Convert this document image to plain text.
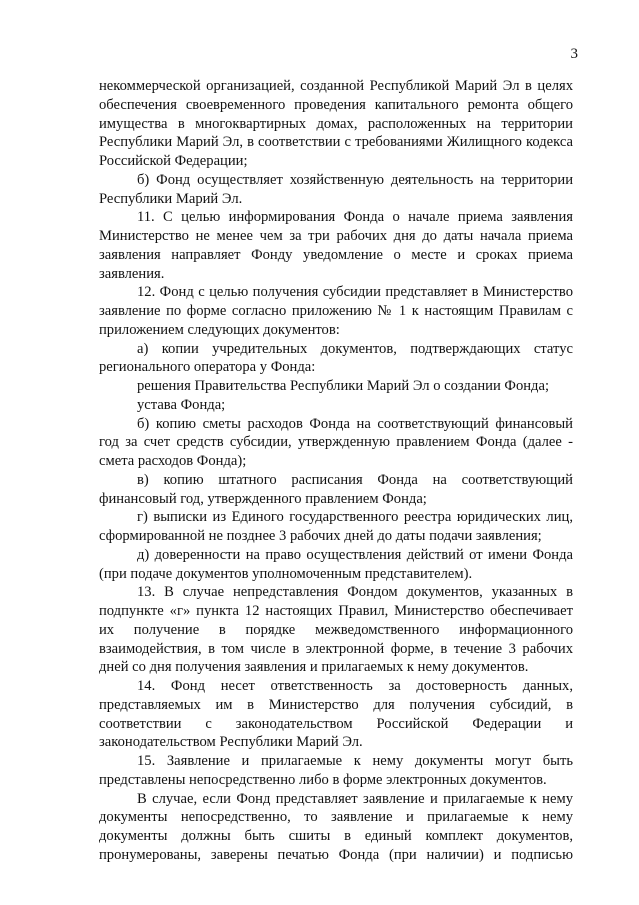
3

некоммерческой организацией, созданной Республикой Марий Эл в целях обеспечения своевременного проведения капитального ремонта общего имущества в многоквартирных домах, расположенных на территории Республики Марий Эл, в соответствии с требованиями Жилищного кодекса Российской Федерации;

б) Фонд осуществляет хозяйственную деятельность на территории Республики Марий Эл.

11. С целью информирования Фонда о начале приема заявления Министерство не менее чем за три рабочих дня до даты начала приема заявления направляет Фонду уведомление о месте и сроках приема заявления.

12. Фонд с целью получения субсидии представляет в Министерство заявление по форме согласно приложению № 1 к настоящим Правилам с приложением следующих документов:

а) копии учредительных документов, подтверждающих статус регионального оператора у Фонда:

решения Правительства Республики Марий Эл о создании Фонда;

устава Фонда;

б) копию сметы расходов Фонда на соответствующий финансовый год за счет средств субсидии, утвержденную правлением Фонда (далее - смета расходов Фонда);

в) копию штатного расписания Фонда на соответствующий финансовый год, утвержденного правлением Фонда;

г) выписки из Единого государственного реестра юридических лиц, сформированной не позднее 3 рабочих дней до даты подачи заявления;

д) доверенности на право осуществления действий от имени Фонда (при подаче документов уполномоченным представителем).

13. В случае непредставления Фондом документов, указанных в подпункте «г» пункта 12 настоящих Правил, Министерство обеспечивает их получение в порядке межведомственного информационного взаимодействия, в том числе в электронной форме, в течение 3 рабочих дней со дня получения заявления и прилагаемых к нему документов.

14. Фонд несет ответственность за достоверность данных, представляемых им в Министерство для получения субсидий, в соответствии с законодательством Российской Федерации и законодательством Республики Марий Эл.

15. Заявление и прилагаемые к нему документы могут быть представлены непосредственно либо в форме электронных документов.

В случае, если Фонд представляет заявление и прилагаемые к нему документы непосредственно, то заявление и прилагаемые к нему документы должны быть сшиты в единый комплект документов, пронумерованы, заверены печатью Фонда (при наличии) и подписью
